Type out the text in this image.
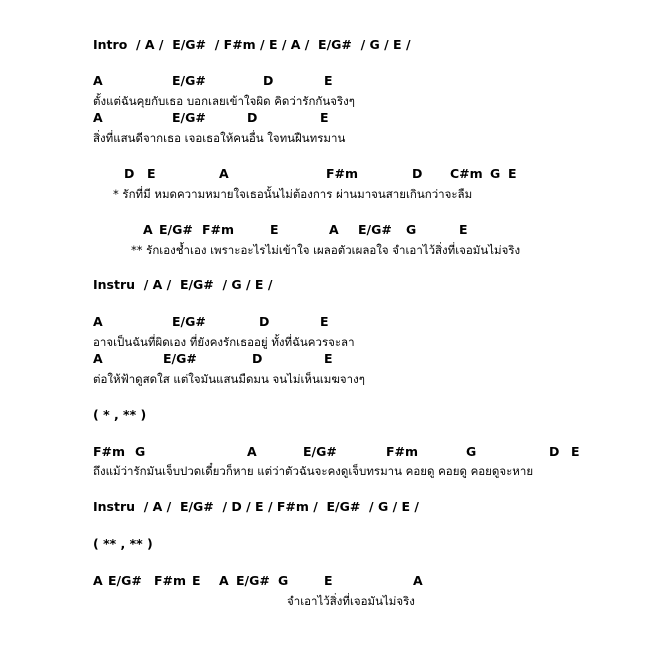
Intro  / A /  E/G#  / F#m / E / A /  E/G#  / G / E /
A	E/G#	D	E
ตั้งแต่ฉันคุยกับเธอ บอกเลยเข้าใจผิด คิดว่ารักกันจริงๆ
A	E/G#	D	E
สิ่งที่แสนดีจากเธอ เจอเธอให้คนอื่น ใจทนฝืนทรมาน
D E	A	F#m	D C#m G E
* รักที่มี หมดความหมายใจเธอนั้นไม่ต้องการ ผ่านมาจนสายเกินกว่าจะลืม
A E/G# F#m	E	A E/G# G	E
** รักเองช้ำเอง เพราะอะไรไม่เข้าใจ เผลอตัวเผลอใจ จำเอาไว้สิ่งที่เจอมันไม่จริง
Instru  / A /  E/G#  / G / E /
A	E/G#	D	E
อาจเป็นฉันที่ผิดเอง ที่ยังคงรักเธออยู่ ทั้งที่ฉันควรจะลา
A	E/G#	D	E
ต่อให้ฟ้าดูสดใส แต่ใจมันแสนมืดมน จนไม่เห็นเมฆจางๆ
( * , ** )
F#m G	A	E/G#	F#m	G	D E
ถึงแม้ว่ารักมันเจ็บปวดเดี๋ยวก็หาย แต่ว่าตัวฉันจะคงดูเจ็บทรมาน คอยดู คอยดู คอยดูจะหาย
Instru  / A /  E/G#  / D / E / F#m /  E/G#  / G / E /
( ** , ** )
A E/G# F#m E A E/G# G	E	A
จำเอาไว้สิ่งที่เจอมันไม่จริง
